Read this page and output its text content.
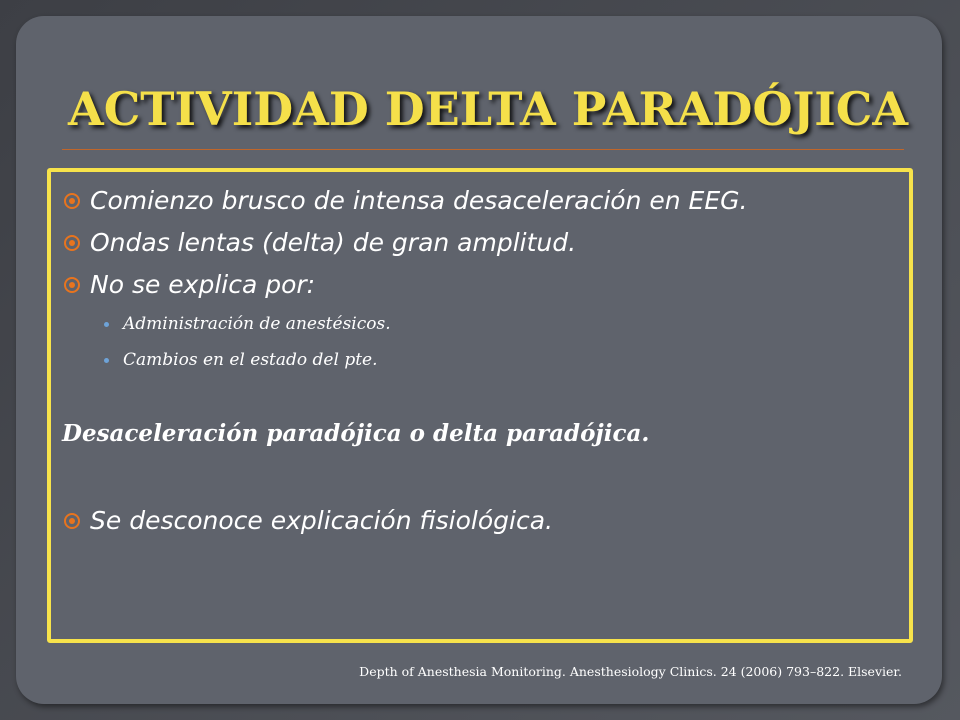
ACTIVIDAD DELTA PARADÓJICA
Comienzo brusco de intensa desaceleración en EEG.
Ondas lentas (delta) de gran amplitud.
No se explica por:
Administración de anestésicos.
Cambios en el estado del pte.
Desaceleración paradójica o delta paradójica.
Se desconoce explicación fisiológica.
Depth of Anesthesia Monitoring. Anesthesiology Clinics. 24 (2006) 793–822. Elsevier.
